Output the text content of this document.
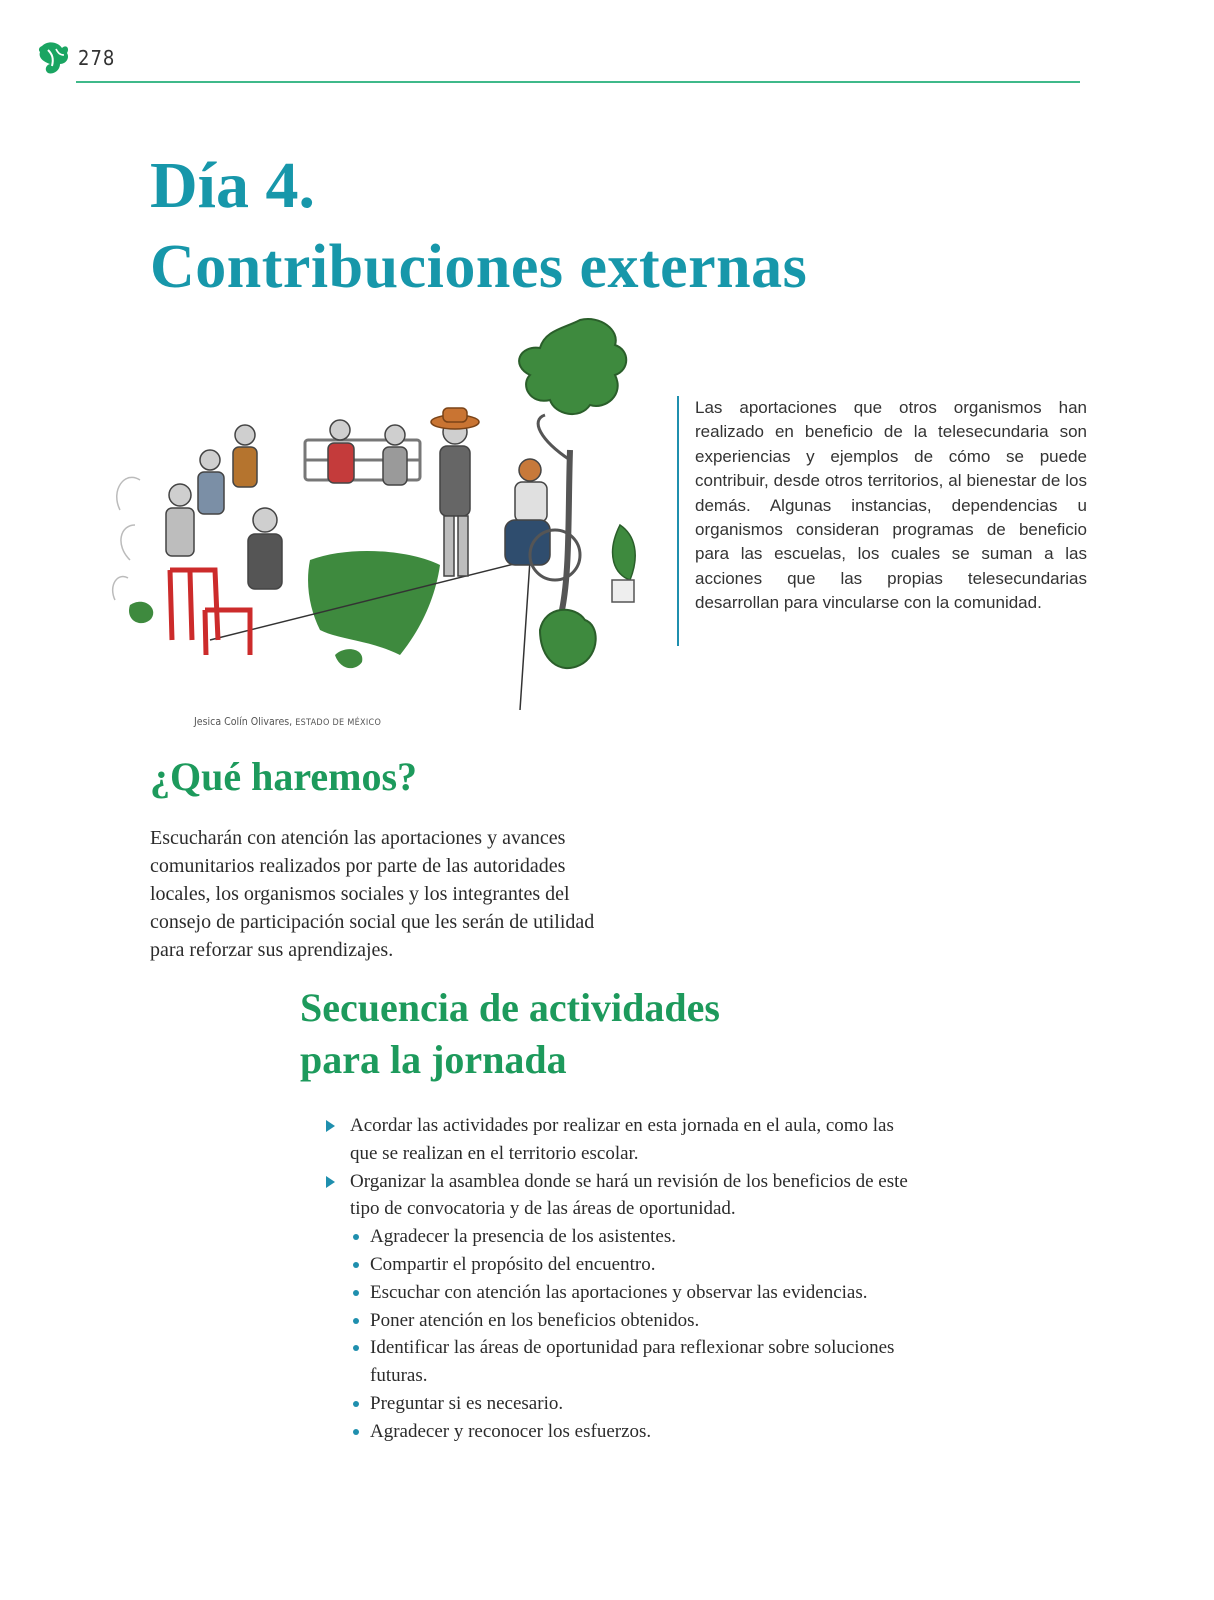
278
Día 4.
Contribuciones externas
Jesica Colín Olivares, ESTADO DE MÉXICO

Las aportaciones que otros organismos han realizado en beneficio de la telesecundaria son experiencias y ejemplos de cómo se puede contribuir, desde otros territorios, al bienestar de los demás. Algunas instancias, dependencias u organismos consideran programas de beneficio para las escuelas, los cuales se suman a las acciones que las propias telesecundarias desarrollan para vincularse con la comunidad.

¿Qué haremos?

Escucharán con atención las aportaciones y avances comunitarios realizados por parte de las autoridades locales, los organismos sociales y los integrantes del consejo de participación social que les serán de utilidad para reforzar sus aprendizajes.

Secuencia de actividades para la jornada
Acordar las actividades por realizar en esta jornada en el aula, como las que se realizan en el territorio escolar.
Organizar la asamblea donde se hará un revisión de los beneficios de este tipo de convocatoria y de las áreas de oportunidad.
Agradecer la presencia de los asistentes.
Compartir el propósito del encuentro.
Escuchar con atención las aportaciones y observar las evidencias.
Poner atención en los beneficios obtenidos.
Identificar las áreas de oportunidad para reflexionar sobre soluciones futuras.
Preguntar si es necesario.
Agradecer y reconocer los esfuerzos.
